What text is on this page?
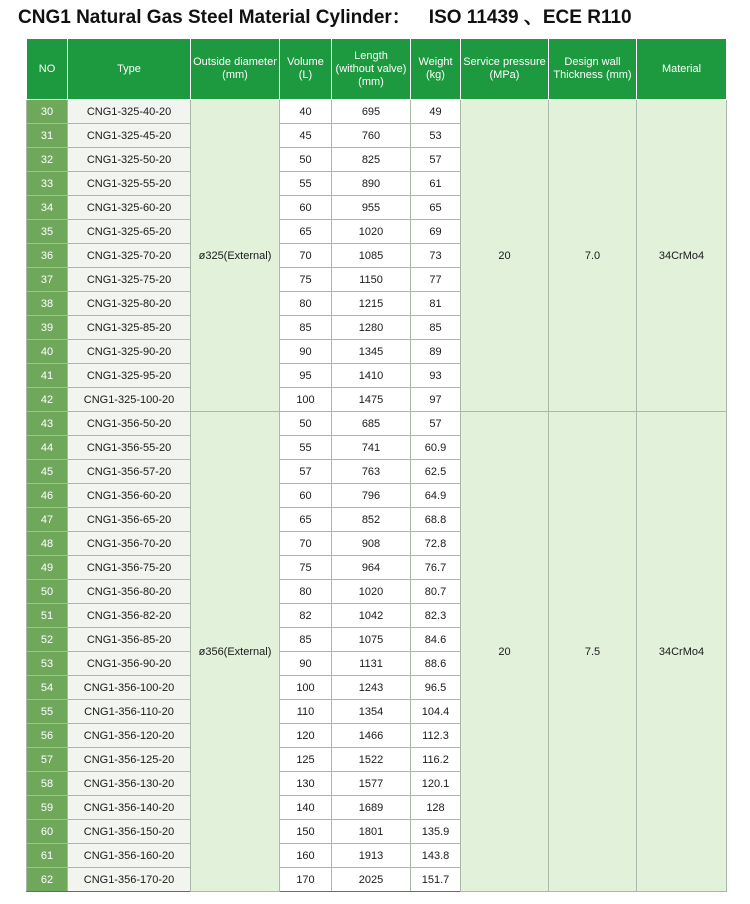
CNG1 Natural Gas Steel Material Cylinder： ISO 11439 、ECE R110
NO	Type	Outside diameter (mm)	Volume (L)	Length (without valve) (mm)	Weight (kg)	Service pressure (MPa)	Design wall Thickness (mm)	Material
30	CNG1-325-40-20	ø325(External)	40	695	49	20	7.0	34CrMo4
31	CNG1-325-45-20		45	760	53			
32	CNG1-325-50-20		50	825	57			
33	CNG1-325-55-20		55	890	61			
34	CNG1-325-60-20		60	955	65			
35	CNG1-325-65-20		65	1020	69			
36	CNG1-325-70-20		70	1085	73			
37	CNG1-325-75-20		75	1150	77			
38	CNG1-325-80-20		80	1215	81			
39	CNG1-325-85-20		85	1280	85			
40	CNG1-325-90-20		90	1345	89			
41	CNG1-325-95-20		95	1410	93			
42	CNG1-325-100-20		100	1475	97			
43	CNG1-356-50-20	ø356(External)	50	685	57	20	7.5	34CrMo4
44	CNG1-356-55-20		55	741	60.9			
45	CNG1-356-57-20		57	763	62.5			
46	CNG1-356-60-20		60	796	64.9			
47	CNG1-356-65-20		65	852	68.8			
48	CNG1-356-70-20		70	908	72.8			
49	CNG1-356-75-20		75	964	76.7			
50	CNG1-356-80-20		80	1020	80.7			
51	CNG1-356-82-20		82	1042	82.3			
52	CNG1-356-85-20		85	1075	84.6			
53	CNG1-356-90-20		90	1131	88.6			
54	CNG1-356-100-20		100	1243	96.5			
55	CNG1-356-110-20		110	1354	104.4			
56	CNG1-356-120-20		120	1466	112.3			
57	CNG1-356-125-20		125	1522	116.2			
58	CNG1-356-130-20		130	1577	120.1			
59	CNG1-356-140-20		140	1689	128			
60	CNG1-356-150-20		150	1801	135.9			
61	CNG1-356-160-20		160	1913	143.8			
62	CNG1-356-170-20		170	2025	151.7			
